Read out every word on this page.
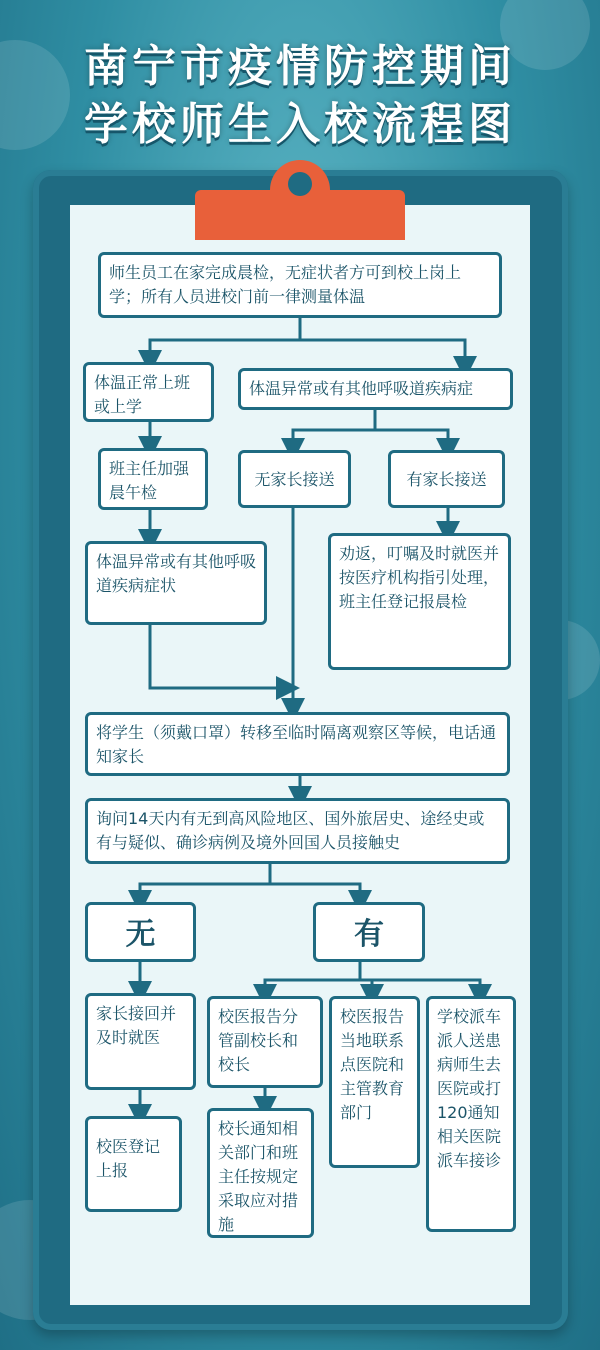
南宁市疫情防控期间
学校师生入校流程图
师生员工在家完成晨检，无症状者方可到校上岗上学；所有人员进校门前一律测量体温
体温正常上班或上学
体温异常或有其他呼吸道疾病症
班主任加强晨午检
无家长接送	有家长接送
体温异常或有其他呼吸道疾病症状
劝返，叮嘱及时就医并按医疗机构指引处理，班主任登记报晨检
将学生（须戴口罩）转移至临时隔离观察区等候，电话通知家长
询问14天内有无到高风险地区、国外旅居史、途经史或有与疑似、确诊病例及境外回国人员接触史
无	有
家长接回并及时就医
校医登记上报
校医报告分管副校长和校长
校长通知相关部门和班主任按规定采取应对措施
校医报告当地联系点医院和主管教育部门
学校派车派人送患病师生去医院或打120通知相关医院派车接诊
